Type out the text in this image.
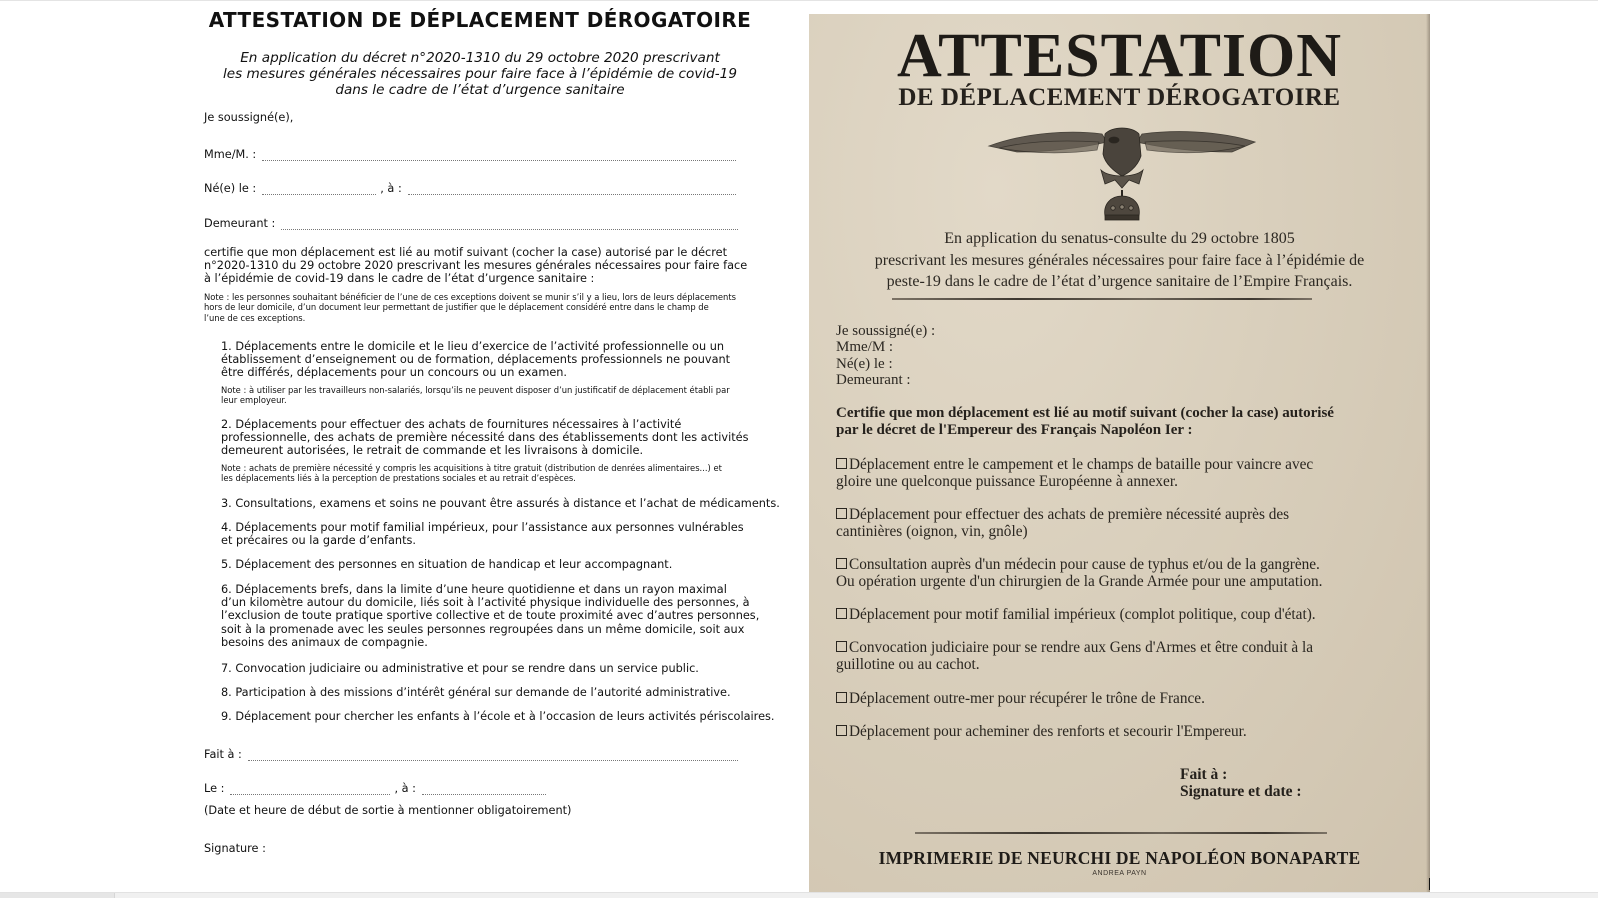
ATTESTATION DE DÉPLACEMENT DÉROGATOIRE
En application du décret n°2020-1310 du 29 octobre 2020 prescrivant
les mesures générales nécessaires pour faire face à l’épidémie de covid-19
dans le cadre de l’état d’urgence sanitaire
Je soussigné(e),
Mme/M. :
Né(e) le :	, à :
Demeurant :
certifie que mon déplacement est lié au motif suivant (cocher la case) autorisé par le décret
n°2020-1310 du 29 octobre 2020 prescrivant les mesures générales nécessaires pour faire face
à l’épidémie de covid-19 dans le cadre de l’état d’urgence sanitaire :
Note : les personnes souhaitant bénéficier de l’une de ces exceptions doivent se munir s’il y a lieu, lors de leurs déplacements
hors de leur domicile, d’un document leur permettant de justifier que le déplacement considéré entre dans le champ de
l’une de ces exceptions.
1. Déplacements entre le domicile et le lieu d’exercice de l’activité professionnelle ou un
établissement d’enseignement ou de formation, déplacements professionnels ne pouvant
être différés, déplacements pour un concours ou un examen.
Note : à utiliser par les travailleurs non-salariés, lorsqu’ils ne peuvent disposer d’un justificatif de déplacement établi par
leur employeur.
2. Déplacements pour effectuer des achats de fournitures nécessaires à l’activité
professionnelle, des achats de première nécessité dans des établissements dont les activités
demeurent autorisées, le retrait de commande et les livraisons à domicile.
Note : achats de première nécessité y compris les acquisitions à titre gratuit (distribution de denrées alimentaires...) et
les déplacements liés à la perception de prestations sociales et au retrait d’espèces.
3. Consultations, examens et soins ne pouvant être assurés à distance et l’achat de médicaments.
4. Déplacements pour motif familial impérieux, pour l’assistance aux personnes vulnérables
et précaires ou la garde d’enfants.
5. Déplacement des personnes en situation de handicap et leur accompagnant.
6. Déplacements brefs, dans la limite d’une heure quotidienne et dans un rayon maximal
d’un kilomètre autour du domicile, liés soit à l’activité physique individuelle des personnes, à
l’exclusion de toute pratique sportive collective et de toute proximité avec d’autres personnes,
soit à la promenade avec les seules personnes regroupées dans un même domicile, soit aux
besoins des animaux de compagnie.
7. Convocation judiciaire ou administrative et pour se rendre dans un service public.
8. Participation à des missions d’intérêt général sur demande de l’autorité administrative.
9. Déplacement pour chercher les enfants à l’école et à l’occasion de leurs activités périscolaires.
Fait à :
Le :	, à :
(Date et heure de début de sortie à mentionner obligatoirement)
Signature :
ATTESTATION
DE DÉPLACEMENT DÉROGATOIRE
En application du senatus-consulte du 29 octobre 1805
prescrivant les mesures générales nécessaires pour faire face à l’épidémie de
peste-19 dans le cadre de l’état d’urgence sanitaire de l’Empire Français.
Je soussigné(e) :
Mme/M :
Né(e) le :
Demeurant :
Certifie que mon déplacement est lié au motif suivant (cocher la case) autorisé
par le décret de l'Empereur des Français Napoléon Ier :
Déplacement entre le campement et le champs de bataille pour vaincre avec
gloire une quelconque puissance Européenne à annexer.
Déplacement pour effectuer des achats de première nécessité auprès des
cantinières (oignon, vin, gnôle)
Consultation auprès d'un médecin pour cause de typhus et/ou de la gangrène.
Ou opération urgente d'un chirurgien de la Grande Armée pour une amputation.
Déplacement pour motif familial impérieux (complot politique, coup d'état).
Convocation judiciaire pour se rendre aux Gens d'Armes et être conduit à la
guillotine ou au cachot.
Déplacement outre-mer pour récupérer le trône de France.
Déplacement pour acheminer des renforts et secourir l'Empereur.
Fait à :
Signature et date :
IMPRIMERIE DE NEURCHI DE NAPOLÉON BONAPARTE
ANDREA PAYN
